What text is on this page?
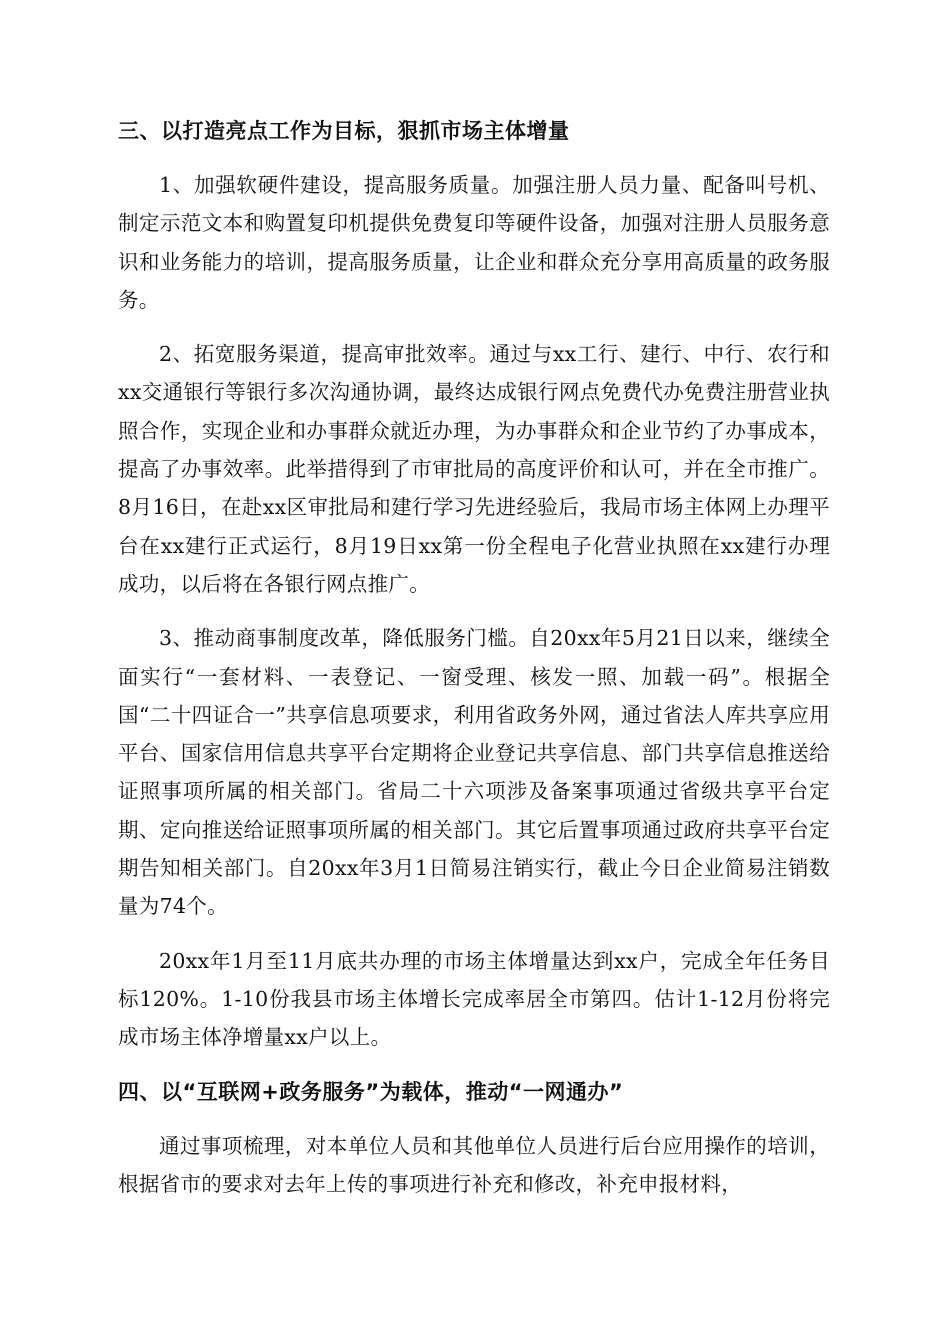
三、以打造亮点工作为目标，狠抓市场主体增量

1、加强软硬件建设，提高服务质量。加强注册人员力量、配备叫号机、制定示范文本和购置复印机提供免费复印等硬件设备，加强对注册人员服务意识和业务能力的培训，提高服务质量，让企业和群众充分享用高质量的政务服务。

2、拓宽服务渠道，提高审批效率。通过与xx工行、建行、中行、农行和xx交通银行等银行多次沟通协调，最终达成银行网点免费代办免费注册营业执照合作，实现企业和办事群众就近办理，为办事群众和企业节约了办事成本，提高了办事效率。此举措得到了市审批局的高度评价和认可，并在全市推广。8月16日，在赴xx区审批局和建行学习先进经验后，我局市场主体网上办理平台在xx建行正式运行，8月19日xx第一份全程电子化营业执照在xx建行办理成功，以后将在各银行网点推广。

3、推动商事制度改革，降低服务门槛。自20xx年5月21日以来，继续全面实行“一套材料、一表登记、一窗受理、核发一照、加载一码”。根据全国“二十四证合一”共享信息项要求，利用省政务外网，通过省法人库共享应用平台、国家信用信息共享平台定期将企业登记共享信息、部门共享信息推送给证照事项所属的相关部门。省局二十六项涉及备案事项通过省级共享平台定期、定向推送给证照事项所属的相关部门。其它后置事项通过政府共享平台定期告知相关部门。自20xx年3月1日简易注销实行，截止今日企业简易注销数量为74个。

20xx年1月至11月底共办理的市场主体增量达到xx户，完成全年任务目标120%。1-10份我县市场主体增长完成率居全市第四。估计1-12月份将完成市场主体净增量xx户以上。

四、以“互联网+政务服务”为载体，推动“一网通办”

通过事项梳理，对本单位人员和其他单位人员进行后台应用操作的培训，根据省市的要求对去年上传的事项进行补充和修改，补充申报材料，
